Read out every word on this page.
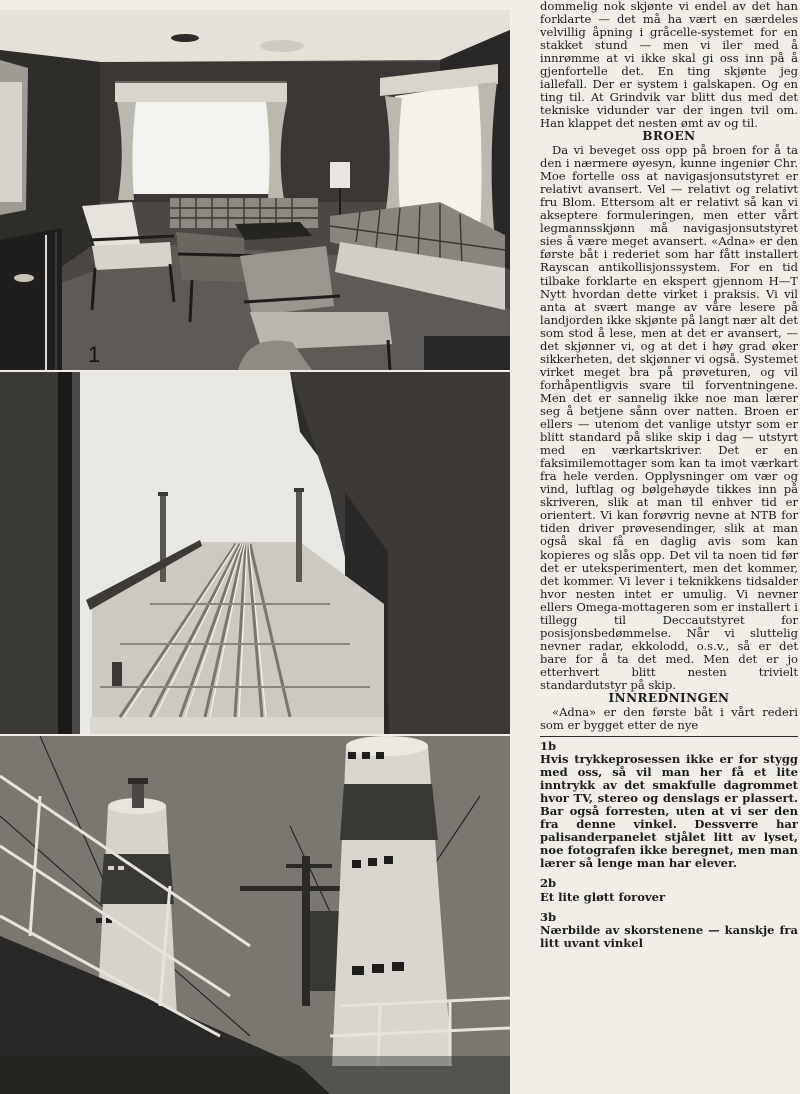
1

dommelig nok skjønte vi endel av det han forklarte — det må ha vært en særdeles velvillig åpning i gråcelle-systemet for en stakket stund — men vi iler med å innrømme at vi ikke skal gi oss inn på å gjenfortelle det. En ting skjønte jeg iallefall. Der er system i galskapen. Og en ting til. At Grindvik var blitt dus med det tekniske vidunder var der ingen tvil om. Han klappet det nesten ømt av og til.

BROEN

Da vi beveget oss opp på broen for å ta den i nærmere øyesyn, kunne ingeniør Chr. Moe fortelle oss at navigasjonsutstyret er relativt avansert. Vel — relativt og relativt fru Blom. Ettersom alt er relativt så kan vi akseptere formuleringen, men etter vårt legmannsskjønn må navigasjonsutstyret sies å være meget avansert. «Adna» er den første båt i rederiet som har fått installert Rayscan antikollisjonssystem. For en tid tilbake forklarte en ekspert gjennom H—T Nytt hvordan dette virket i praksis. Vi vil anta at svært mange av våre lesere på landjorden ikke skjønte på langt nær alt det som stod å lese, men at det er avansert, — det skjønner vi, og at det i høy grad øker sikkerheten, det skjønner vi også. Systemet virket meget bra på prøveturen, og vil forhåpentligvis svare til forventningene. Men det er sannelig ikke noe man lærer seg å betjene sånn over natten. Broen er ellers — utenom det vanlige utstyr som er blitt standard på slike skip i dag — utstyrt med en værkartskriver. Det er en faksimilemottager som kan ta imot værkart fra hele verden. Opplysninger om vær og vind, luftlag og bølgehøyde tikkes inn på skriveren, slik at man til enhver tid er orientert. Vi kan forøvrig nevne at NTB for tiden driver prøvesendinger, slik at man også skal få en daglig avis som kan kopieres og slås opp. Det vil ta noen tid før det er uteksperimentert, men det kommer, det kommer. Vi lever i teknikkens tidsalder hvor nesten intet er umulig. Vi nevner ellers Omega-mottageren som er installert i tillegg til Deccautstyret for posisjonsbedømmelse. Når vi sluttelig nevner radar, ekkolodd, o.s.v., så er det bare for å ta det med. Men det er jo etterhvert blitt nesten trivielt standardutstyr på skip.

INNREDNINGEN

«Adna» er den første båt i vårt rederi som er bygget etter de nye

1b

Hvis trykkeprosessen ikke er for stygg med oss, så vil man her få et lite inntrykk av det smakfulle dagrommet hvor TV, stereo og denslags er plassert. Bar også forresten, uten at vi ser den fra denne vinkel. Dessverre har palisanderpanelet stjålet litt av lyset, noe fotografen ikke beregnet, men man lærer så lenge man har elever.

2b

Et lite gløtt forover

3b

Nærbilde av skorstenene — kanskje fra litt uvant vinkel
